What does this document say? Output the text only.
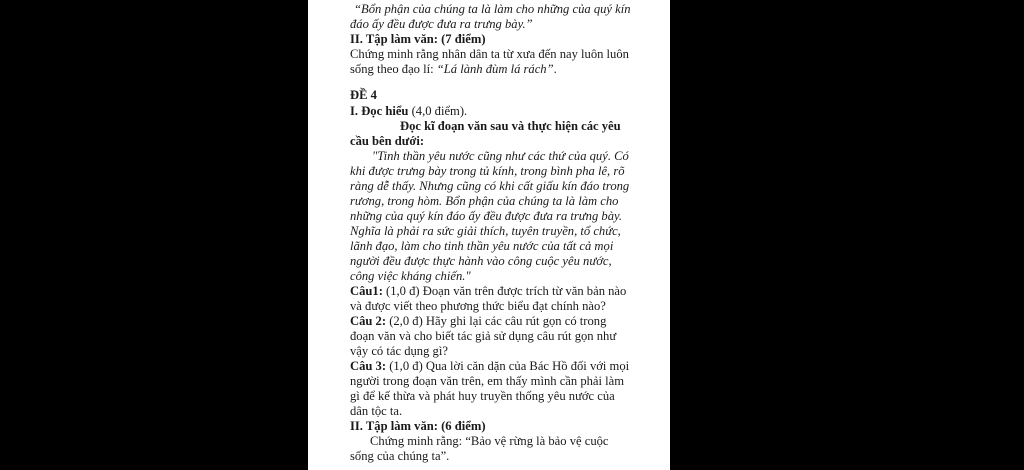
“Bổn phận của chúng ta là làm cho những của quý kín
đáo ấy đều được đưa ra trưng bày.”
II. Tập làm văn: (7 điểm)
Chứng minh rằng nhân dân ta từ xưa đến nay luôn luôn
sống theo đạo lí: “Lá lành đùm lá rách”.
ĐỀ 4
I. Đọc hiểu (4,0 điểm).
Đọc kĩ đoạn văn sau và thực hiện các yêu
cầu bên dưới:
"Tinh thần yêu nước cũng như các thứ của quý. Có
khi được trưng bày trong tủ kính, trong bình pha lê, rõ
ràng dễ thấy. Nhưng cũng có khi cất giấu kín đáo trong
rương, trong hòm. Bổn phận của chúng ta là làm cho
những của quý kín đáo ấy đều được đưa ra trưng bày.
Nghĩa là phải ra sức giải thích, tuyên truyền, tổ chức,
lãnh đạo, làm cho tinh thần yêu nước của tất cả mọi
người đều được thực hành vào công cuộc yêu nước,
công việc kháng chiến."
Câu1: (1,0 đ) Đoạn văn trên được trích từ văn bản nào
và được viết theo phương thức biểu đạt chính nào?
Câu 2: (2,0 đ) Hãy ghi lại các câu rút gọn có trong
đoạn văn và cho biết tác giả sử dụng câu rút gọn như
vậy có tác dụng gì?
Câu 3: (1,0 đ) Qua lời căn dặn của Bác Hồ đối với mọi
người trong đoạn văn trên, em thấy mình cần phải làm
gì để kế thừa và phát huy truyền thống yêu nước của
dân tộc ta.
II. Tập làm văn: (6 điểm)
Chứng minh rằng: “Bảo vệ rừng là bảo vệ cuộc
sống của chúng ta”.
